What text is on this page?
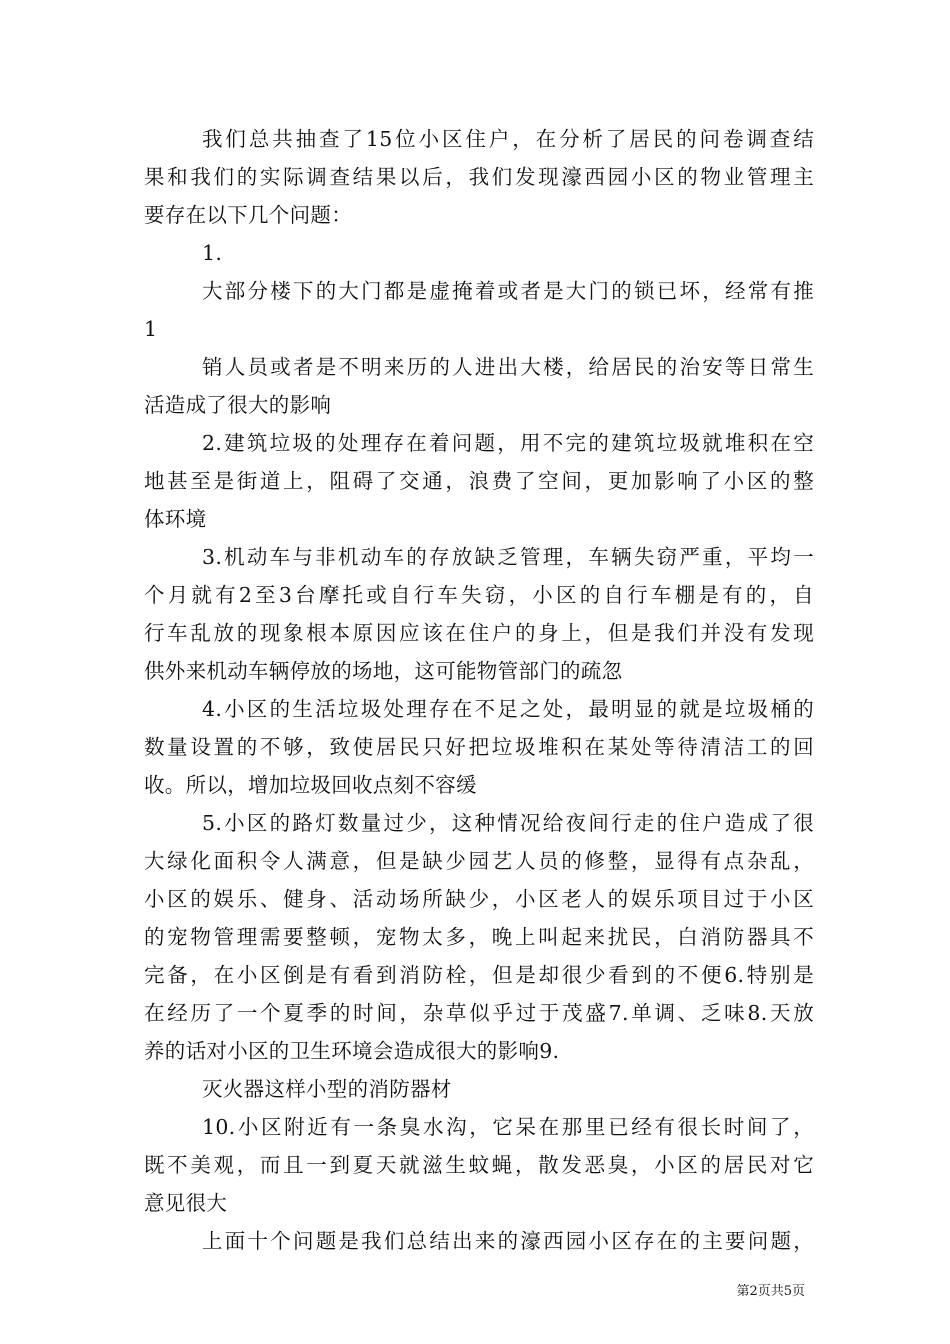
我们总共抽查了15位小区住户，在分析了居民的问卷调查结
果和我们的实际调查结果以后，我们发现濠西园小区的物业管理主
要存在以下几个问题：
1.
大部分楼下的大门都是虚掩着或者是大门的锁已坏，经常有推
1
销人员或者是不明来历的人进出大楼，给居民的治安等日常生
活造成了很大的影响
2.建筑垃圾的处理存在着问题，用不完的建筑垃圾就堆积在空
地甚至是街道上，阻碍了交通，浪费了空间，更加影响了小区的整
体环境
3.机动车与非机动车的存放缺乏管理，车辆失窃严重，平均一
个月就有2至3台摩托或自行车失窃，小区的自行车棚是有的，自
行车乱放的现象根本原因应该在住户的身上，但是我们并没有发现
供外来机动车辆停放的场地，这可能物管部门的疏忽
4.小区的生活垃圾处理存在不足之处，最明显的就是垃圾桶的
数量设置的不够，致使居民只好把垃圾堆积在某处等待清洁工的回
收。所以，增加垃圾回收点刻不容缓
5.小区的路灯数量过少，这种情况给夜间行走的住户造成了很
大绿化面积令人满意，但是缺少园艺人员的修整，显得有点杂乱，
小区的娱乐、健身、活动场所缺少，小区老人的娱乐项目过于小区
的宠物管理需要整顿，宠物太多，晚上叫起来扰民，白消防器具不
完备，在小区倒是有看到消防栓，但是却很少看到的不便6.特别是
在经历了一个夏季的时间，杂草似乎过于茂盛7.单调、乏味8.天放
养的话对小区的卫生环境会造成很大的影响9.
灭火器这样小型的消防器材
10.小区附近有一条臭水沟，它呆在那里已经有很长时间了，
既不美观，而且一到夏天就滋生蚊蝇，散发恶臭，小区的居民对它
意见很大
上面十个问题是我们总结出来的濠西园小区存在的主要问题，
第2页共5页
